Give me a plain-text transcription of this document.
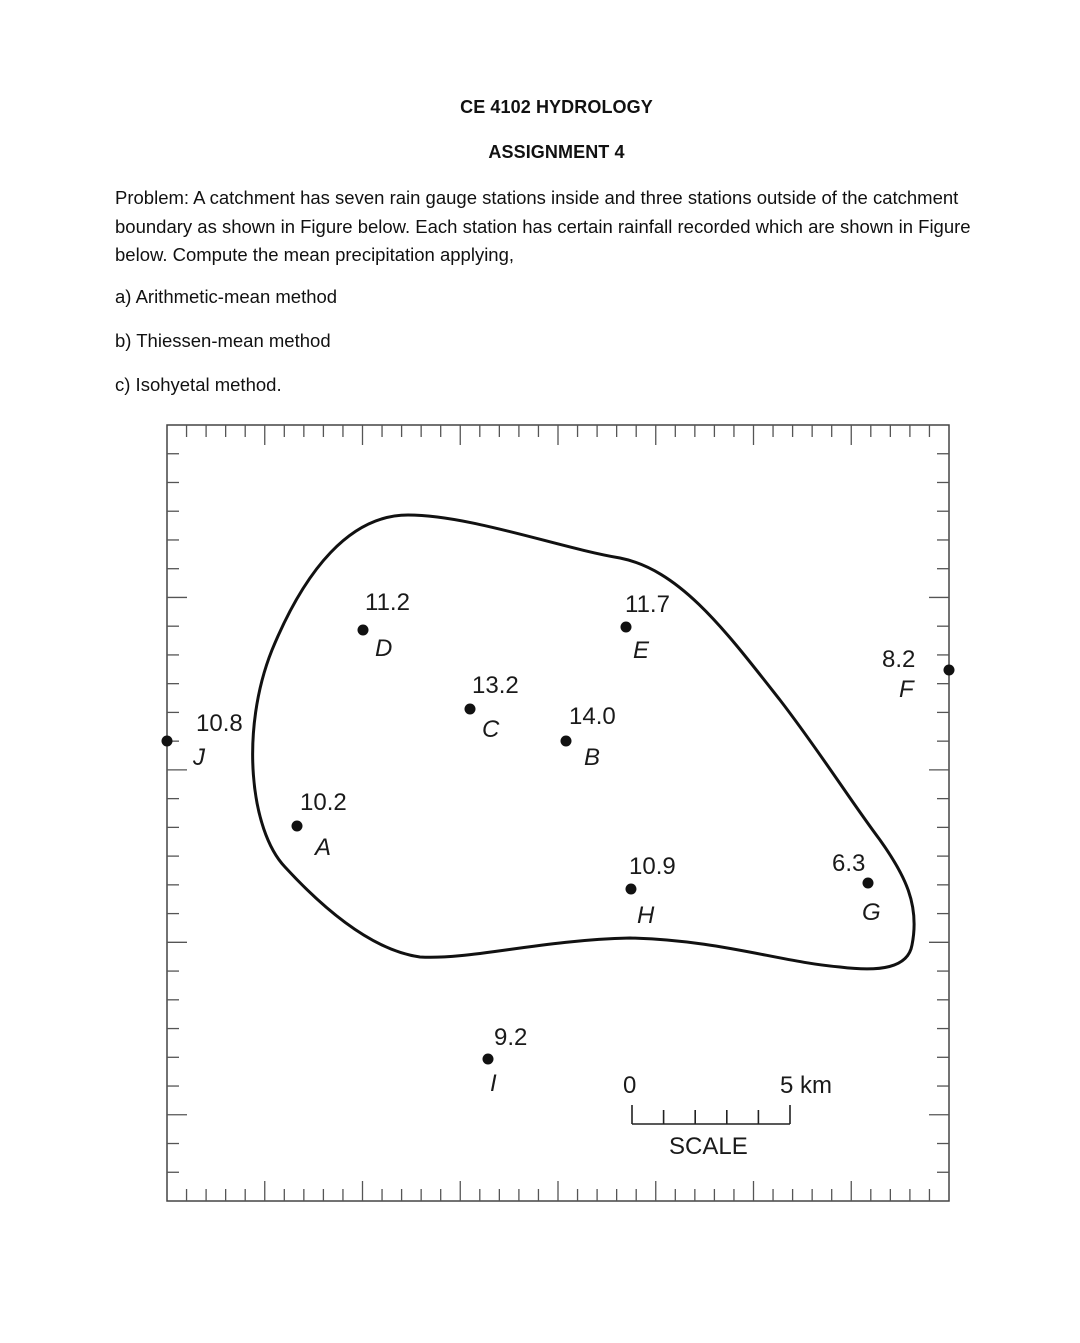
CE 4102 HYDROLOGY
ASSIGNMENT 4

Problem: A catchment has seven rain gauge stations inside and three stations outside of the catchment boundary as shown in Figure below. Each station has certain rainfall recorded which are shown in Figure below. Compute the mean precipitation applying,

a) Arithmetic-mean method

b) Thiessen-mean method

c) Isohyetal method.

10.2
A
14.0
B
13.2
C
11.2
D
11.7
E	8.2
F
6.3
G
10.9
H
9.2
I
10.8
J
0	5 km
SCALE
